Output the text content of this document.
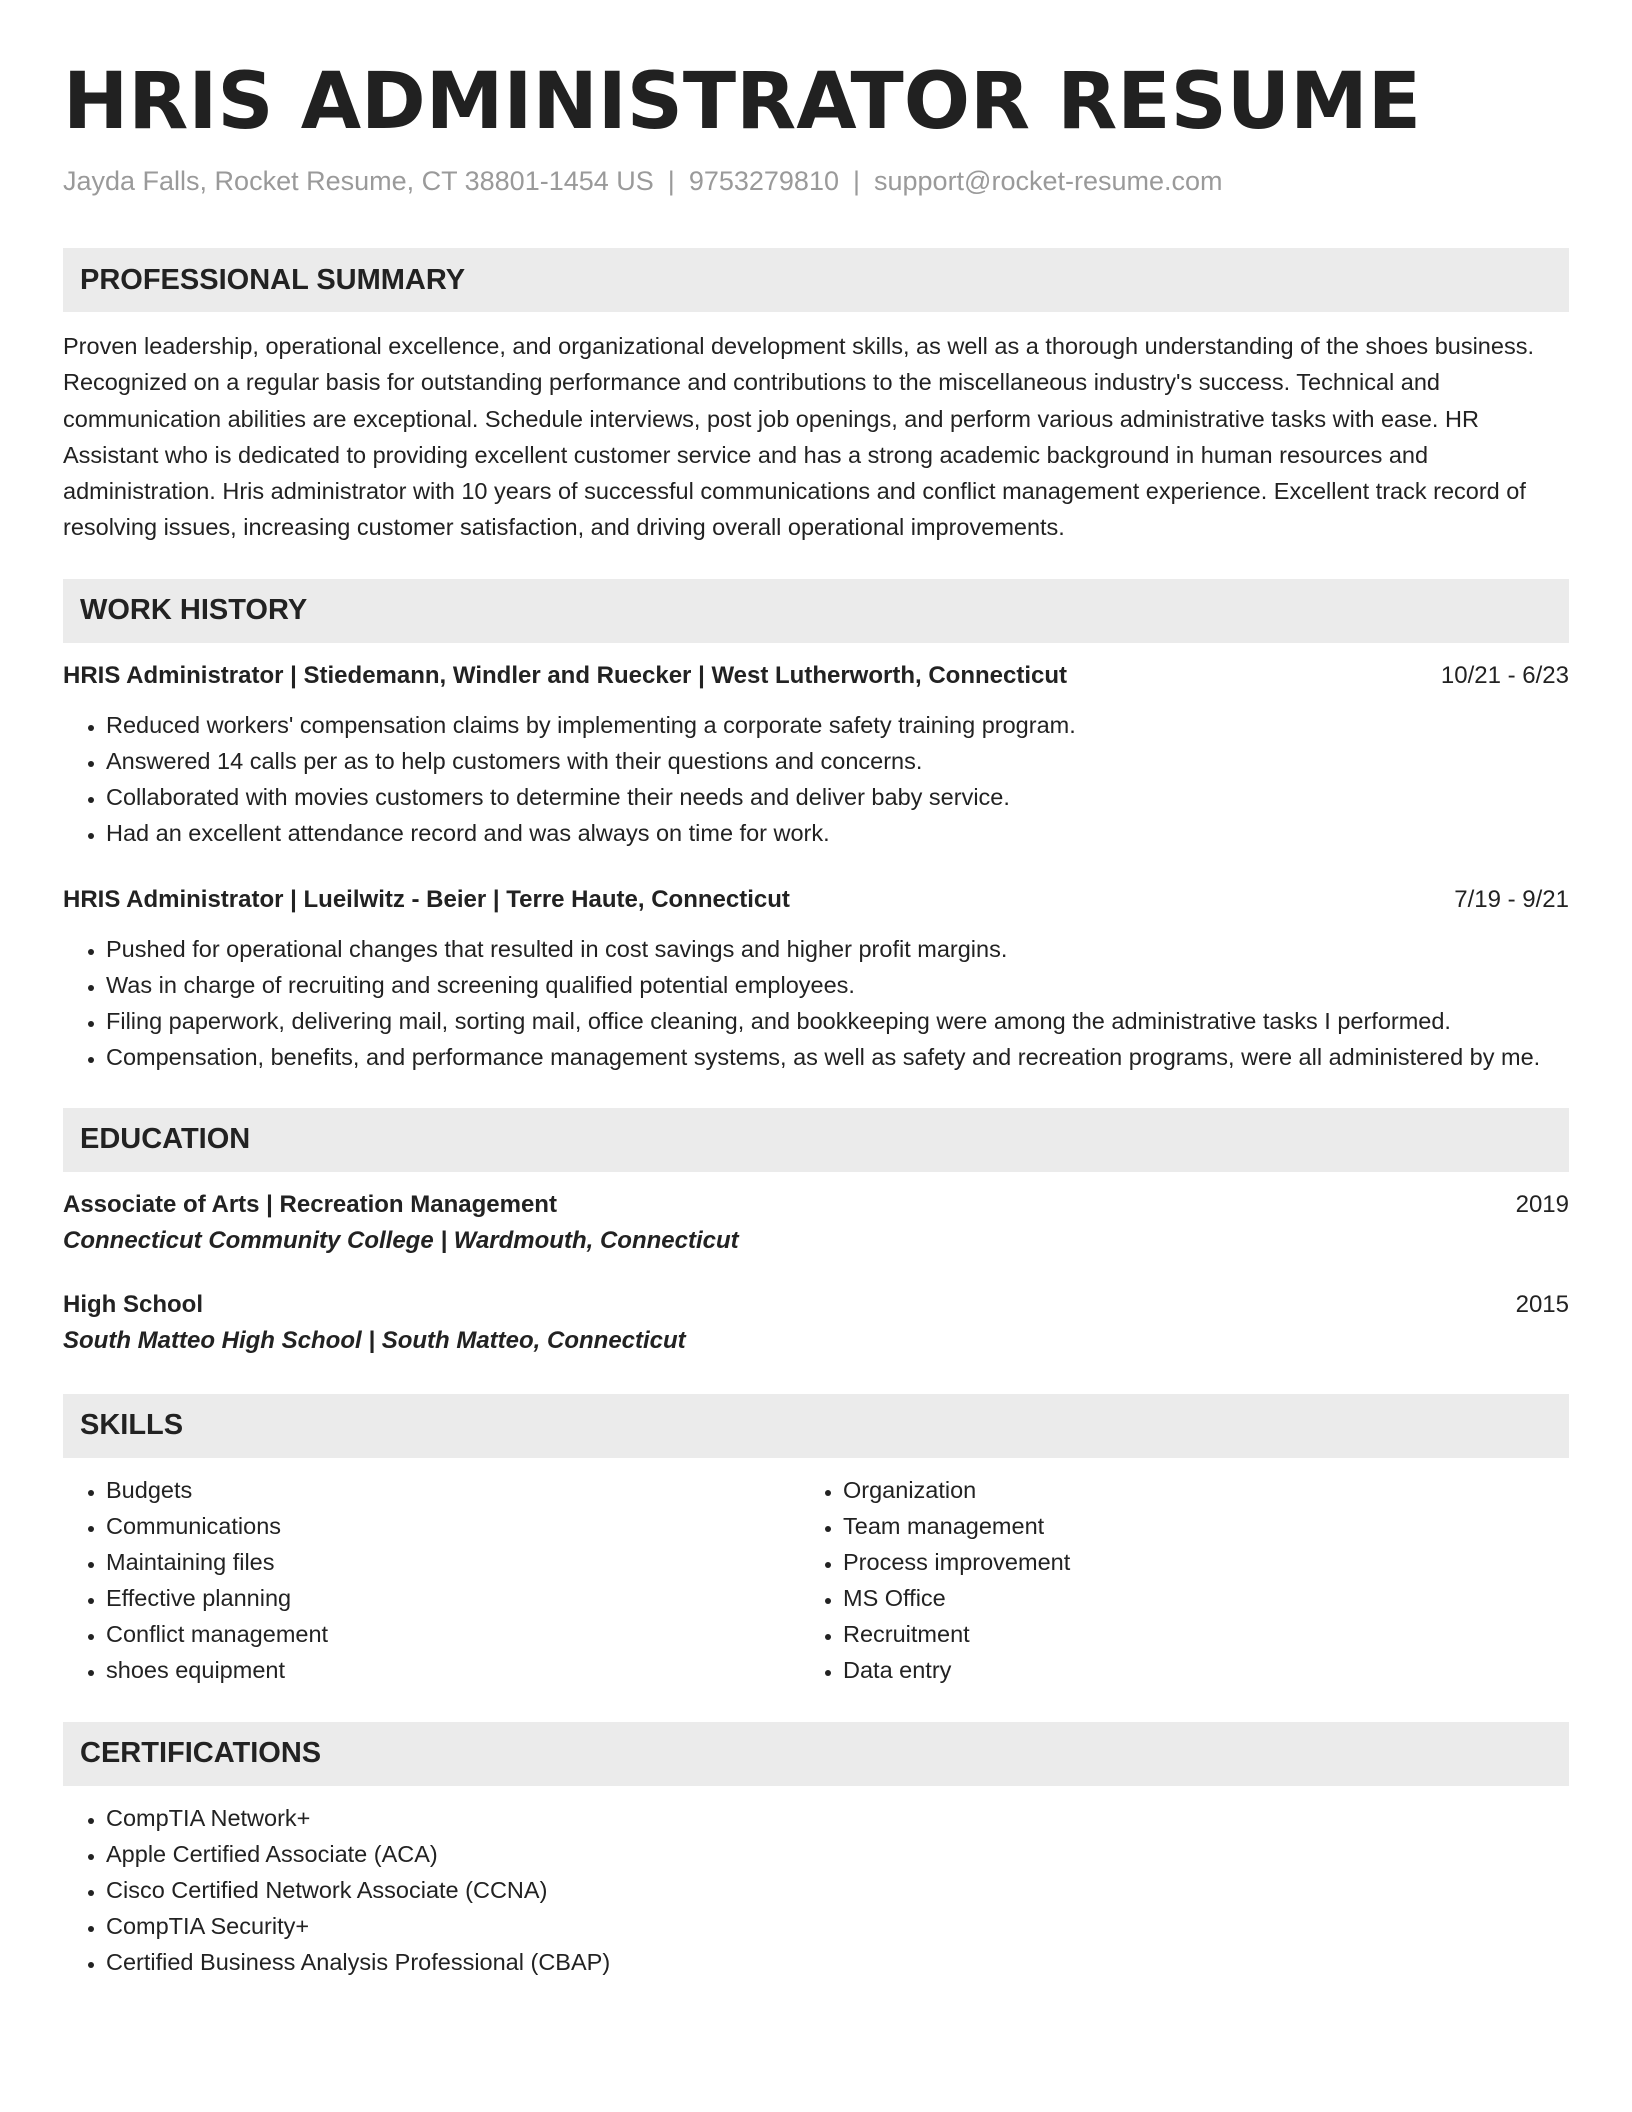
HRIS ADMINISTRATOR RESUME
Jayda Falls, Rocket Resume, CT 38801-1454 US | 9753279810 | support@rocket-resume.com
PROFESSIONAL SUMMARY
Proven leadership, operational excellence, and organizational development skills, as well as a thorough understanding of the shoes business. Recognized on a regular basis for outstanding performance and contributions to the miscellaneous industry's success. Technical and communication abilities are exceptional. Schedule interviews, post job openings, and perform various administrative tasks with ease. HR Assistant who is dedicated to providing excellent customer service and has a strong academic background in human resources and administration. Hris administrator with 10 years of successful communications and conflict management experience. Excellent track record of resolving issues, increasing customer satisfaction, and driving overall operational improvements.
WORK HISTORY
HRIS Administrator | Stiedemann, Windler and Ruecker | West Lutherworth, Connecticut	10/21 - 6/23
• Reduced workers' compensation claims by implementing a corporate safety training program.
• Answered 14 calls per as to help customers with their questions and concerns.
• Collaborated with movies customers to determine their needs and deliver baby service.
• Had an excellent attendance record and was always on time for work.
HRIS Administrator | Lueilwitz - Beier | Terre Haute, Connecticut	7/19 - 9/21
• Pushed for operational changes that resulted in cost savings and higher profit margins.
• Was in charge of recruiting and screening qualified potential employees.
• Filing paperwork, delivering mail, sorting mail, office cleaning, and bookkeeping were among the administrative tasks I performed.
• Compensation, benefits, and performance management systems, as well as safety and recreation programs, were all administered by me.
EDUCATION
Associate of Arts | Recreation Management	2019
Connecticut Community College | Wardmouth, Connecticut
High School	2015
South Matteo High School | South Matteo, Connecticut
SKILLS
• Budgets
• Communications
• Maintaining files
• Effective planning
• Conflict management
• shoes equipment
• Organization
• Team management
• Process improvement
• MS Office
• Recruitment
• Data entry
CERTIFICATIONS
• CompTIA Network+
• Apple Certified Associate (ACA)
• Cisco Certified Network Associate (CCNA)
• CompTIA Security+
• Certified Business Analysis Professional (CBAP)
